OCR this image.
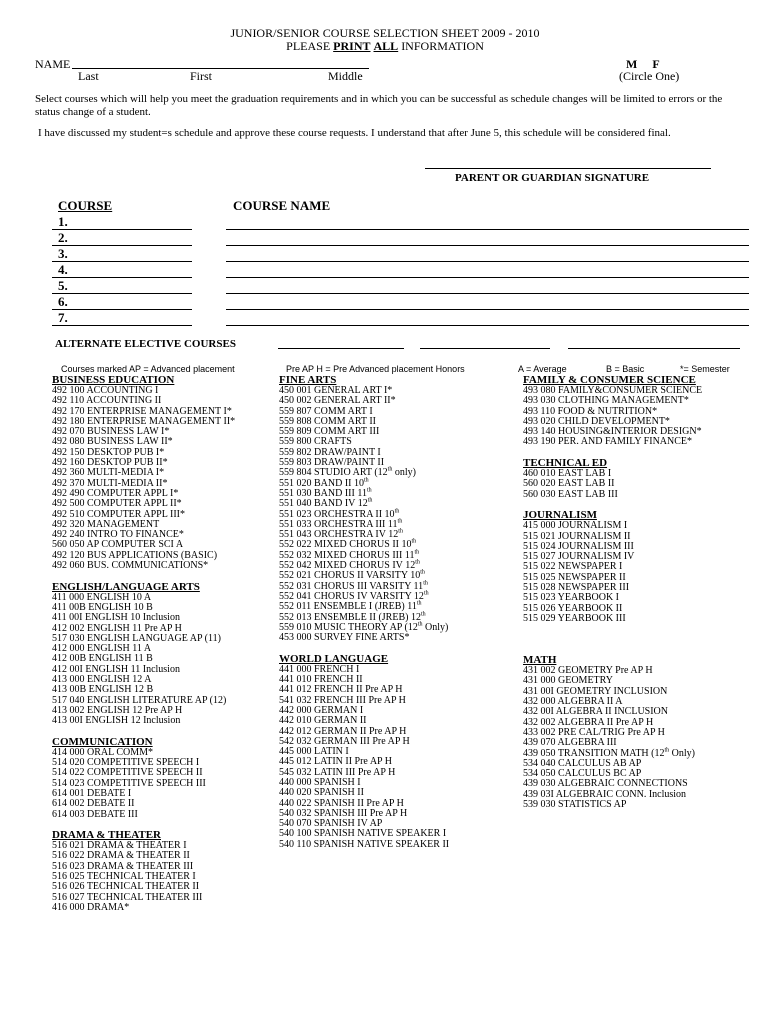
JUNIOR/SENIOR COURSE SELECTION SHEET 2009 - 2010
PLEASE PRINT ALL INFORMATION
NAME
Last	First	Middle
M     F
(Circle One)
Select courses which will help you meet the graduation requirements and in which you can be successful as schedule changes will be limited to errors or the status change of a student.
I have discussed my student=s schedule and approve these course requests. I understand that after June 5, this schedule will be considered final.
PARENT OR GUARDIAN SIGNATURE
COURSE	COURSE NAME
1.
2.
3.
4.
5.
6.
7.
ALTERNATE ELECTIVE COURSES
Courses marked AP = Advanced placement	Pre AP H = Pre Advanced placement Honors	A = Average	B = Basic	*= Semester
BUSINESS EDUCATION
492 100 ACCOUNTING I
492 110 ACCOUNTING II
492 170 ENTERPRISE MANAGEMENT I*
492 180 ENTERPRISE MANAGEMENT II*
492 070 BUSINESS LAW I*
492 080 BUSINESS LAW II*
492 150 DESKTOP PUB I*
492 160 DESKTOP PUB II*
492 360 MULTI-MEDIA I*
492 370 MULTI-MEDIA II*
492 490 COMPUTER APPL I*
492 500 COMPUTER APPL II*
492 510 COMPUTER APPL III*
492 320 MANAGEMENT
492 240 INTRO TO FINANCE*
560 050 AP COMPUTER SCI A
492 120 BUS APPLICATIONS (BASIC)
492 060 BUS. COMMUNICATIONS*
ENGLISH/LANGUAGE ARTS
411 000 ENGLISH 10 A
411 00B ENGLISH 10 B
411 00I ENGLISH 10 Inclusion
412 002 ENGLISH 11 Pre AP H
517 030 ENGLISH LANGUAGE AP (11)
412 000 ENGLISH 11 A
412 00B ENGLISH 11 B
412 00I ENGLISH 11 Inclusion
413 000 ENGLISH 12 A
413 00B ENGLISH 12 B
517 040 ENGLISH LITERATURE AP (12)
413 002 ENGLISH 12 Pre AP H
413 00I ENGLISH 12 Inclusion
COMMUNICATION
414 000 ORAL COMM*
514 020 COMPETITIVE SPEECH I
514 022 COMPETITIVE SPEECH II
514 023 COMPETITIVE SPEECH III
614 001 DEBATE I
614 002 DEBATE II
614 003 DEBATE III
DRAMA & THEATER
516 021 DRAMA & THEATER I
516 022 DRAMA & THEATER II
516 023 DRAMA & THEATER III
516 025 TECHNICAL THEATER I
516 026 TECHNICAL THEATER II
516 027 TECHNICAL THEATER III
416 000 DRAMA*
FINE ARTS
450 001 GENERAL ART I*
450 002 GENERAL ART II*
559 807 COMM ART I
559 808 COMM ART II
559 809 COMM ART III
559 800 CRAFTS
559 802 DRAW/PAINT I
559 803 DRAW/PAINT II
559 804 STUDIO ART (12th only)
551 020 BAND II 10th
551 030 BAND III 11th
551 040 BAND IV 12th
551 023 ORCHESTRA II 10th
551 033 ORCHESTRA III 11th
551 043 ORCHESTRA IV 12th
552 022 MIXED CHORUS II 10th
552 032 MIXED CHORUS III 11th
552 042 MIXED CHORUS IV 12th
552 021 CHORUS II VARSITY 10th
552 031 CHORUS III VARSITY 11th
552 041 CHORUS IV VARSITY 12th
552 011 ENSEMBLE I (JREB) 11th
552 013 ENSEMBLE II (JREB) 12th
559 010 MUSIC THEORY AP (12th Only)
453 000 SURVEY FINE ARTS*
WORLD LANGUAGE
441 000 FRENCH I
441 010 FRENCH II
441 012 FRENCH II Pre AP H
541 032 FRENCH III Pre AP H
442 000 GERMAN I
442 010 GERMAN II
442 012 GERMAN II Pre AP H
542 032 GERMAN III Pre AP H
445 000 LATIN I
445 012 LATIN II Pre AP H
545 032 LATIN III Pre AP H
440 000 SPANISH I
440 020 SPANISH II
440 022 SPANISH II Pre AP H
540 032 SPANISH III Pre AP H
540 070 SPANISH IV AP
540 100 SPANISH NATIVE SPEAKER I
540 110 SPANISH NATIVE SPEAKER II
FAMILY & CONSUMER SCIENCE
493 080 FAMILY&CONSUMER SCIENCE
493 030 CLOTHING MANAGEMENT*
493 110 FOOD & NUTRITION*
493 020 CHILD DEVELOPMENT*
493 140 HOUSING&INTERIOR DESIGN*
493 190 PER. AND FAMILY FINANCE*
TECHNICAL ED
460 010 EAST LAB I
560 020 EAST LAB II
560 030 EAST LAB III
JOURNALISM
415 000 JOURNALISM I
515 021 JOURNALISM II
515 024 JOURNALISM III
515 027 JOURNALISM IV
515 022 NEWSPAPER I
515 025 NEWSPAPER II
515 028 NEWSPAPER III
515 023 YEARBOOK I
515 026 YEARBOOK II
515 029 YEARBOOK III
MATH
431 002 GEOMETRY Pre AP H
431 000 GEOMETRY
431 00I GEOMETRY INCLUSION
432 000 ALGEBRA II A
432 00I ALGEBRA II INCLUSION
432 002 ALGEBRA II Pre AP H
433 002 PRE CAL/TRIG Pre AP H
439 070 ALGEBRA III
439 050 TRANSITION MATH (12th Only)
534 040 CALCULUS AB AP
534 050 CALCULUS BC AP
439 030 ALGEBRAIC CONNECTIONS
439 03I ALGEBRAIC CONN. Inclusion
539 030 STATISTICS AP
